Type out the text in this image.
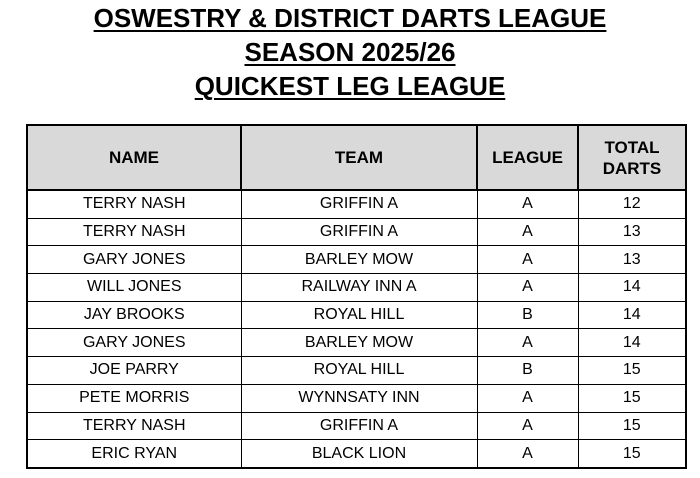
OSWESTRY & DISTRICT DARTS LEAGUE
SEASON 2025/26
QUICKEST LEG LEAGUE
NAME	TEAM	LEAGUE	TOTAL
DARTS
TERRY NASH	GRIFFIN A	A	12
TERRY NASH	GRIFFIN A	A	13
GARY JONES	BARLEY MOW	A	13
WILL JONES	RAILWAY INN A	A	14
JAY BROOKS	ROYAL HILL	B	14
GARY JONES	BARLEY MOW	A	14
JOE PARRY	ROYAL HILL	B	15
PETE MORRIS	WYNNSATY INN	A	15
TERRY NASH	GRIFFIN A	A	15
ERIC RYAN	BLACK LION	A	15
